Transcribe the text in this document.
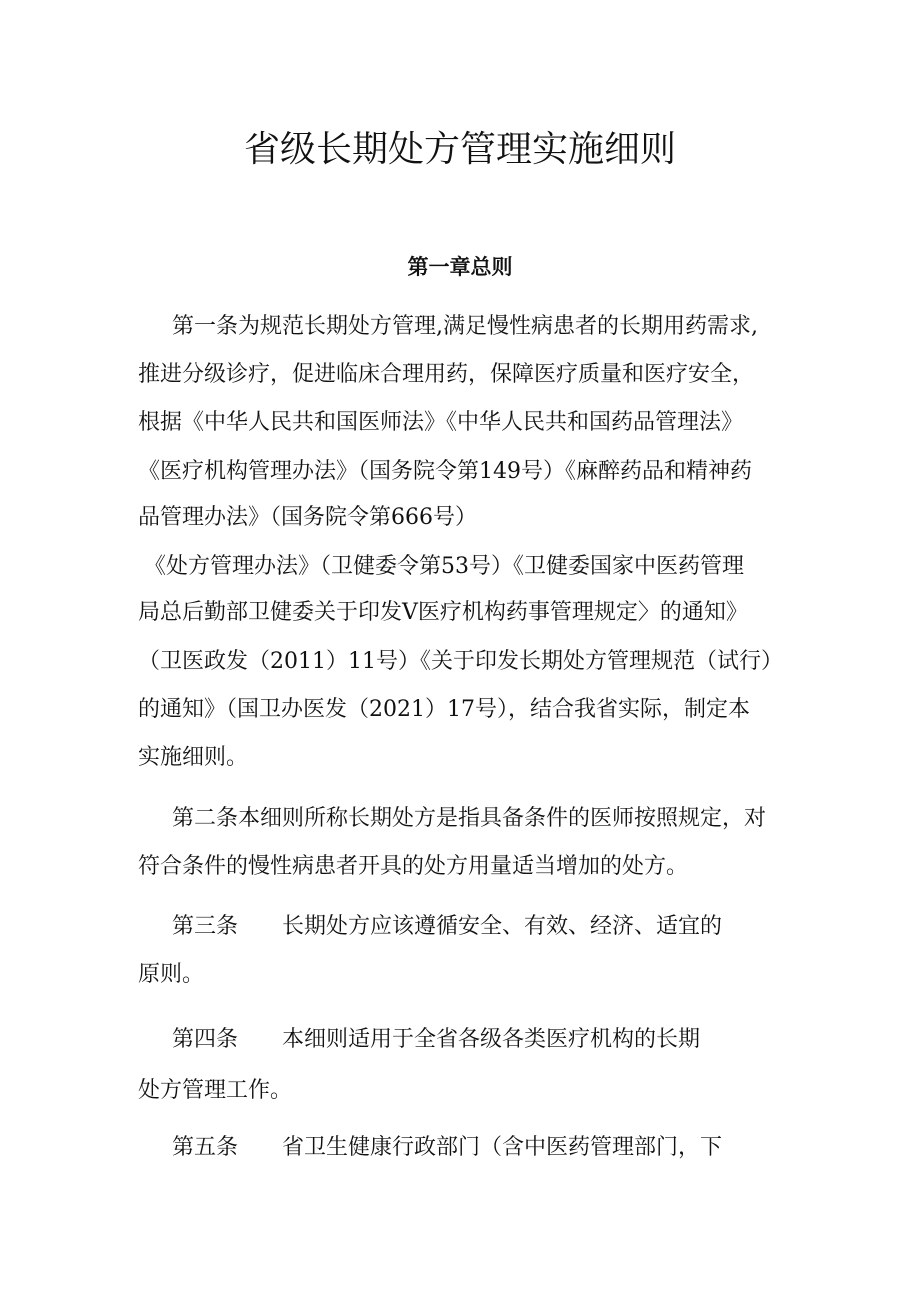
省级长期处方管理实施细则
第一章总则

第一条为规范长期处方管理,满足慢性病患者的长期用药需求,

推进分级诊疗，促进临床合理用药，保障医疗质量和医疗安全，

根据《中华人民共和国医师法》《中华人民共和国药品管理法》

《医疗机构管理办法》（国务院令第149号）《麻醉药品和精神药

品管理办法》（国务院令第666号）

《处方管理办法》（卫健委令第53号）《卫健委国家中医药管理

局总后勤部卫健委关于印发V医疗机构药事管理规定〉的通知》

（卫医政发（2011）11号）《关于印发长期处方管理规范（试行）

的通知》（国卫办医发（2021）17号），结合我省实际，制定本

实施细则。

第二条本细则所称长期处方是指具备条件的医师按照规定，对

符合条件的慢性病患者开具的处方用量适当增加的处方。

第三条 长期处方应该遵循安全、有效、经济、适宜的

原则。

第四条 本细则适用于全省各级各类医疗机构的长期

处方管理工作。

第五条 省卫生健康行政部门（含中医药管理部门，下
